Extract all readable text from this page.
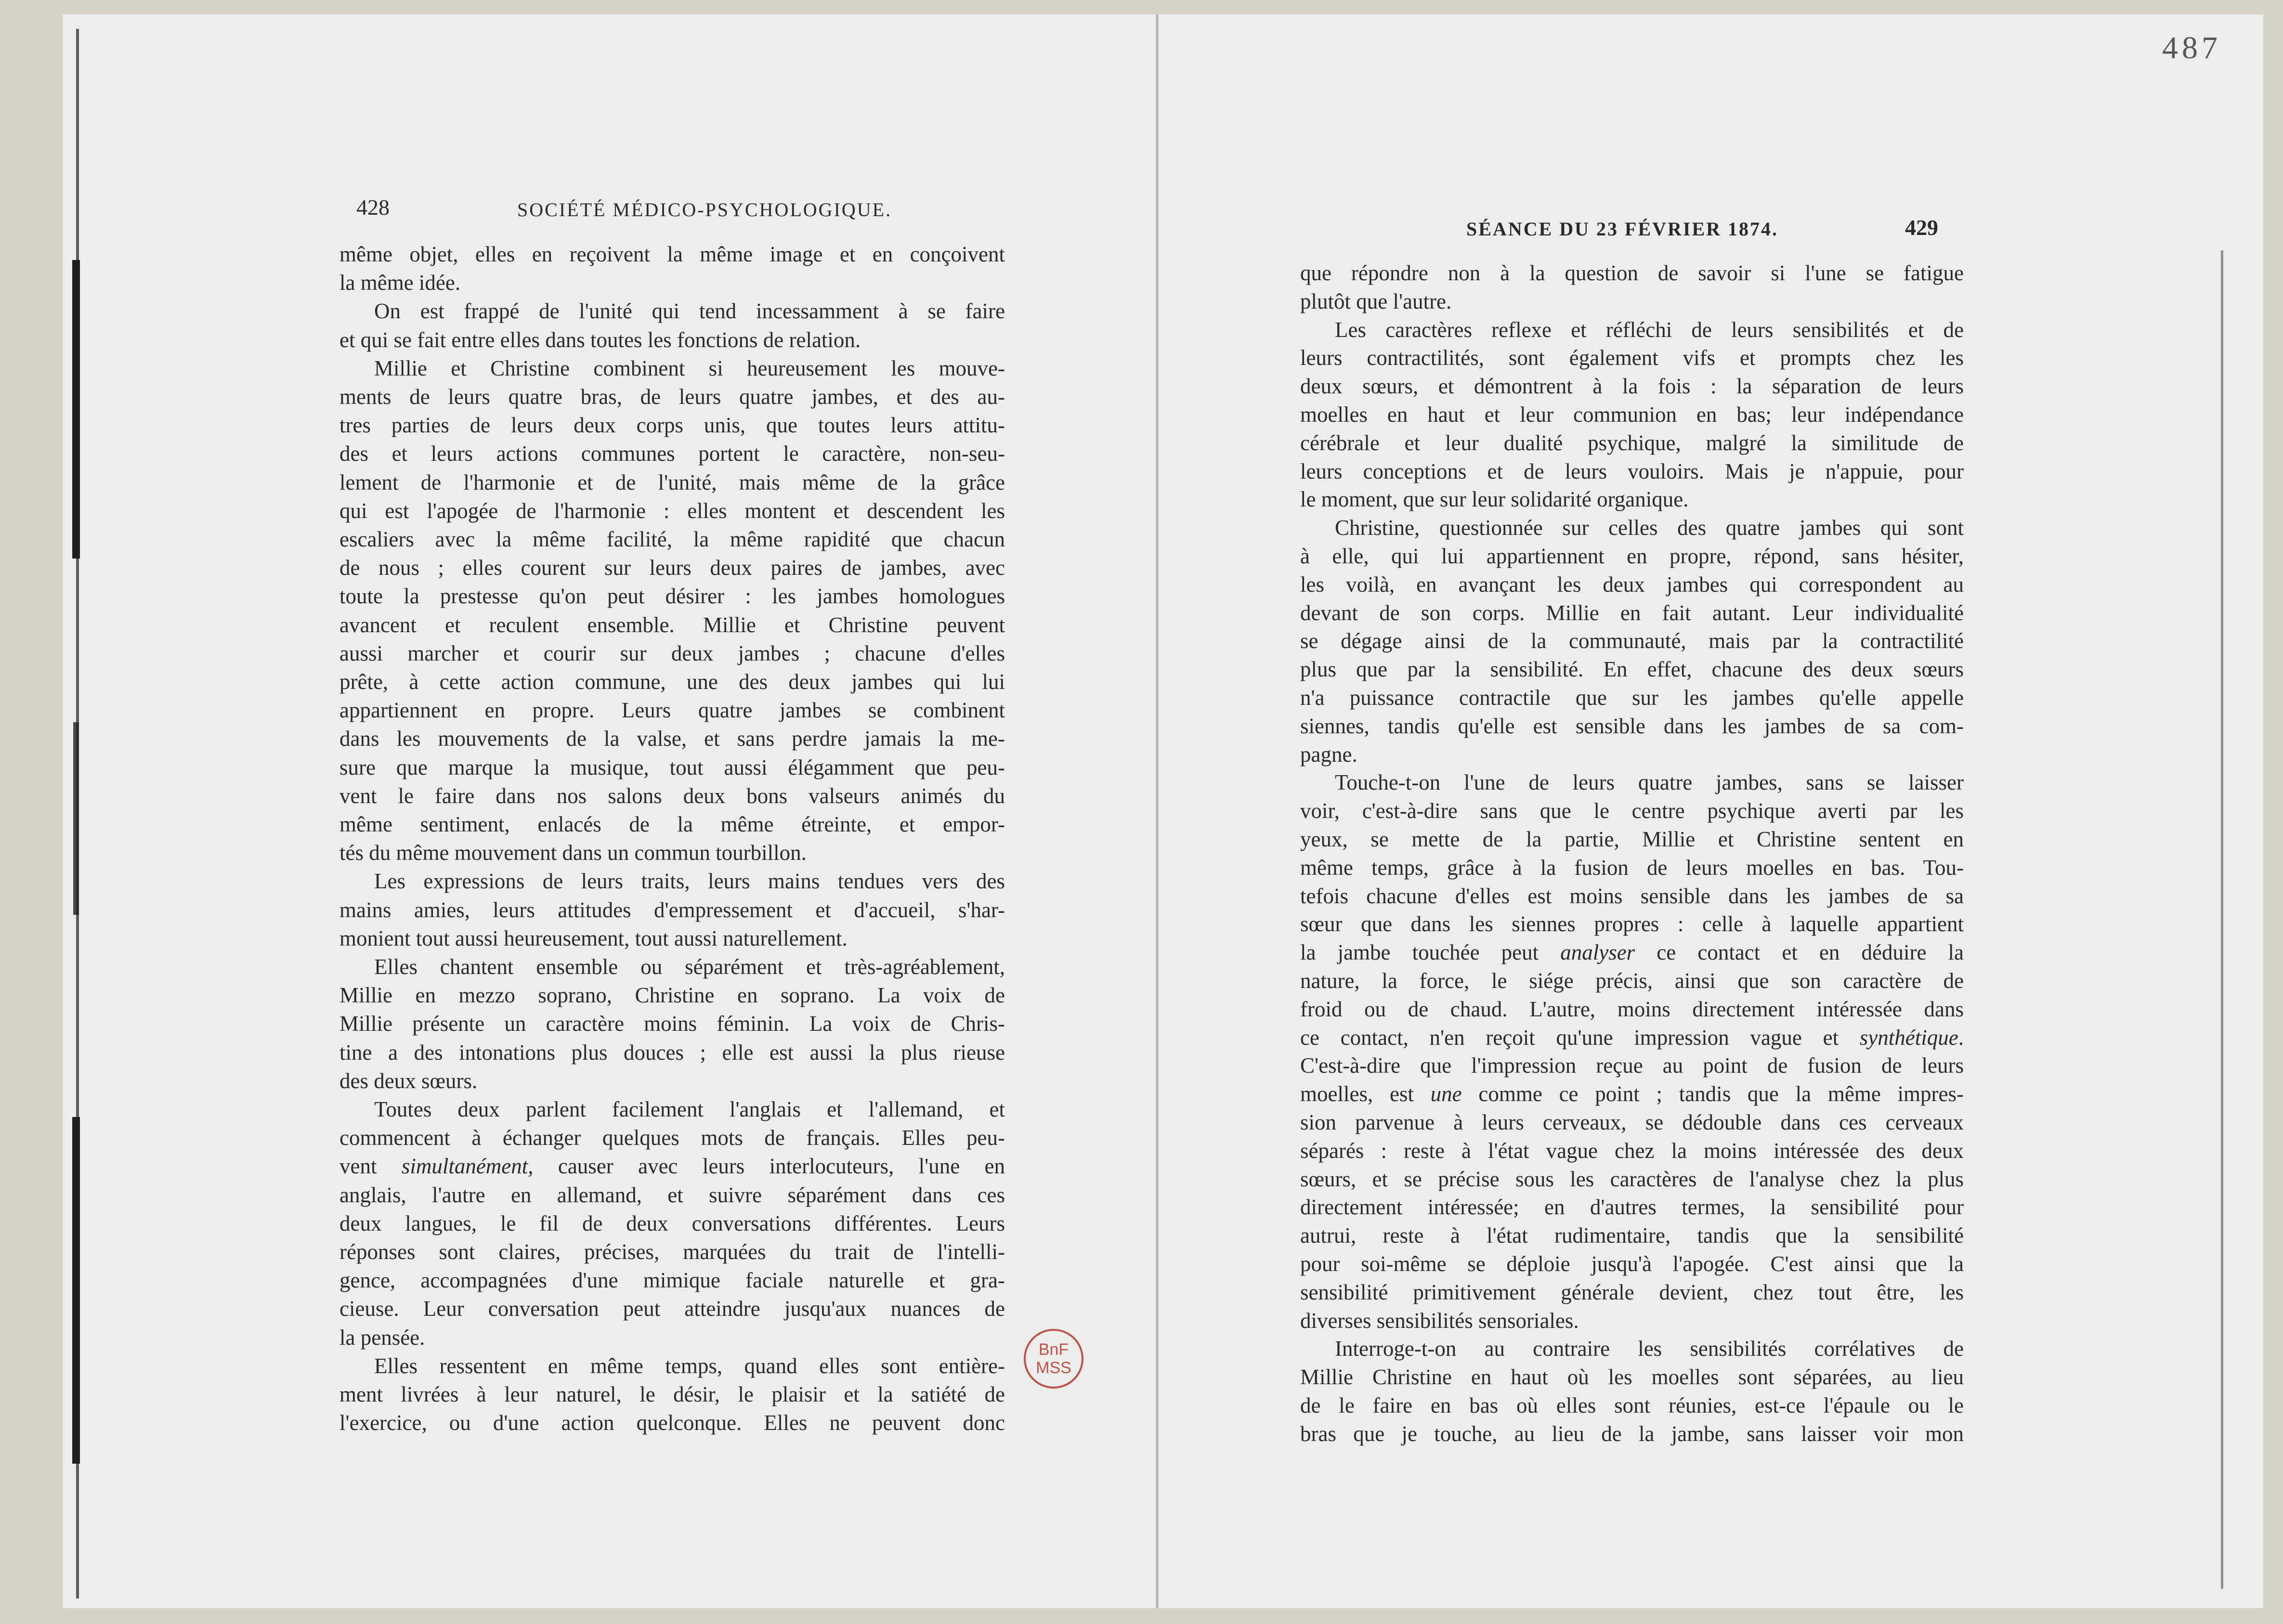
487
428	SOCIÉTÉ MÉDICO-PSYCHOLOGIQUE.
même objet, elles en reçoivent la même image et en conçoivent
la même idée.
On est frappé de l'unité qui tend incessamment à se faire
et qui se fait entre elles dans toutes les fonctions de relation.
Millie et Christine combinent si heureusement les mouve-
ments de leurs quatre bras, de leurs quatre jambes, et des au-
tres parties de leurs deux corps unis, que toutes leurs attitu-
des et leurs actions communes portent le caractère, non-seu-
lement de l'harmonie et de l'unité, mais même de la grâce
qui est l'apogée de l'harmonie : elles montent et descendent les
escaliers avec la même facilité, la même rapidité que chacun
de nous ; elles courent sur leurs deux paires de jambes, avec
toute la prestesse qu'on peut désirer : les jambes homologues
avancent et reculent ensemble. Millie et Christine peuvent
aussi marcher et courir sur deux jambes ; chacune d'elles
prête, à cette action commune, une des deux jambes qui lui
appartiennent en propre. Leurs quatre jambes se combinent
dans les mouvements de la valse, et sans perdre jamais la me-
sure que marque la musique, tout aussi élégamment que peu-
vent le faire dans nos salons deux bons valseurs animés du
même sentiment, enlacés de la même étreinte, et empor-
tés du même mouvement dans un commun tourbillon.
Les expressions de leurs traits, leurs mains tendues vers des
mains amies, leurs attitudes d'empressement et d'accueil, s'har-
monient tout aussi heureusement, tout aussi naturellement.
Elles chantent ensemble ou séparément et très-agréablement,
Millie en mezzo soprano, Christine en soprano. La voix de
Millie présente un caractère moins féminin. La voix de Chris-
tine a des intonations plus douces ; elle est aussi la plus rieuse
des deux sœurs.
Toutes deux parlent facilement l'anglais et l'allemand, et
commencent à échanger quelques mots de français. Elles peu-
vent simultanément, causer avec leurs interlocuteurs, l'une en
anglais, l'autre en allemand, et suivre séparément dans ces
deux langues, le fil de deux conversations différentes. Leurs
réponses sont claires, précises, marquées du trait de l'intelli-
gence, accompagnées d'une mimique faciale naturelle et gra-
cieuse. Leur conversation peut atteindre jusqu'aux nuances de
la pensée.
Elles ressentent en même temps, quand elles sont entière-
ment livrées à leur naturel, le désir, le plaisir et la satiété de
l'exercice, ou d'une action quelconque. Elles ne peuvent donc
SÉANCE DU 23 FÉVRIER 1874.	429
que répondre non à la question de savoir si l'une se fatigue
plutôt que l'autre.
Les caractères reflexe et réfléchi de leurs sensibilités et de
leurs contractilités, sont également vifs et prompts chez les
deux sœurs, et démontrent à la fois : la séparation de leurs
moelles en haut et leur communion en bas; leur indépendance
cérébrale et leur dualité psychique, malgré la similitude de
leurs conceptions et de leurs vouloirs. Mais je n'appuie, pour
le moment, que sur leur solidarité organique.
Christine, questionnée sur celles des quatre jambes qui sont
à elle, qui lui appartiennent en propre, répond, sans hésiter,
les voilà, en avançant les deux jambes qui correspondent au
devant de son corps. Millie en fait autant. Leur individualité
se dégage ainsi de la communauté, mais par la contractilité
plus que par la sensibilité. En effet, chacune des deux sœurs
n'a puissance contractile que sur les jambes qu'elle appelle
siennes, tandis qu'elle est sensible dans les jambes de sa com-
pagne.
Touche-t-on l'une de leurs quatre jambes, sans se laisser
voir, c'est-à-dire sans que le centre psychique averti par les
yeux, se mette de la partie, Millie et Christine sentent en
même temps, grâce à la fusion de leurs moelles en bas. Tou-
tefois chacune d'elles est moins sensible dans les jambes de sa
sœur que dans les siennes propres : celle à laquelle appartient
la jambe touchée peut analyser ce contact et en déduire la
nature, la force, le siége précis, ainsi que son caractère de
froid ou de chaud. L'autre, moins directement intéressée dans
ce contact, n'en reçoit qu'une impression vague et synthétique.
C'est-à-dire que l'impression reçue au point de fusion de leurs
moelles, est une comme ce point ; tandis que la même impres-
sion parvenue à leurs cerveaux, se dédouble dans ces cerveaux
séparés : reste à l'état vague chez la moins intéressée des deux
sœurs, et se précise sous les caractères de l'analyse chez la plus
directement intéressée; en d'autres termes, la sensibilité pour
autrui, reste à l'état rudimentaire, tandis que la sensibilité
pour soi-même se déploie jusqu'à l'apogée. C'est ainsi que la
sensibilité primitivement générale devient, chez tout être, les
diverses sensibilités sensoriales.
Interroge-t-on au contraire les sensibilités corrélatives de
Millie Christine en haut où les moelles sont séparées, au lieu
de le faire en bas où elles sont réunies, est-ce l'épaule ou le
bras que je touche, au lieu de la jambe, sans laisser voir mon
BnF
MSS
